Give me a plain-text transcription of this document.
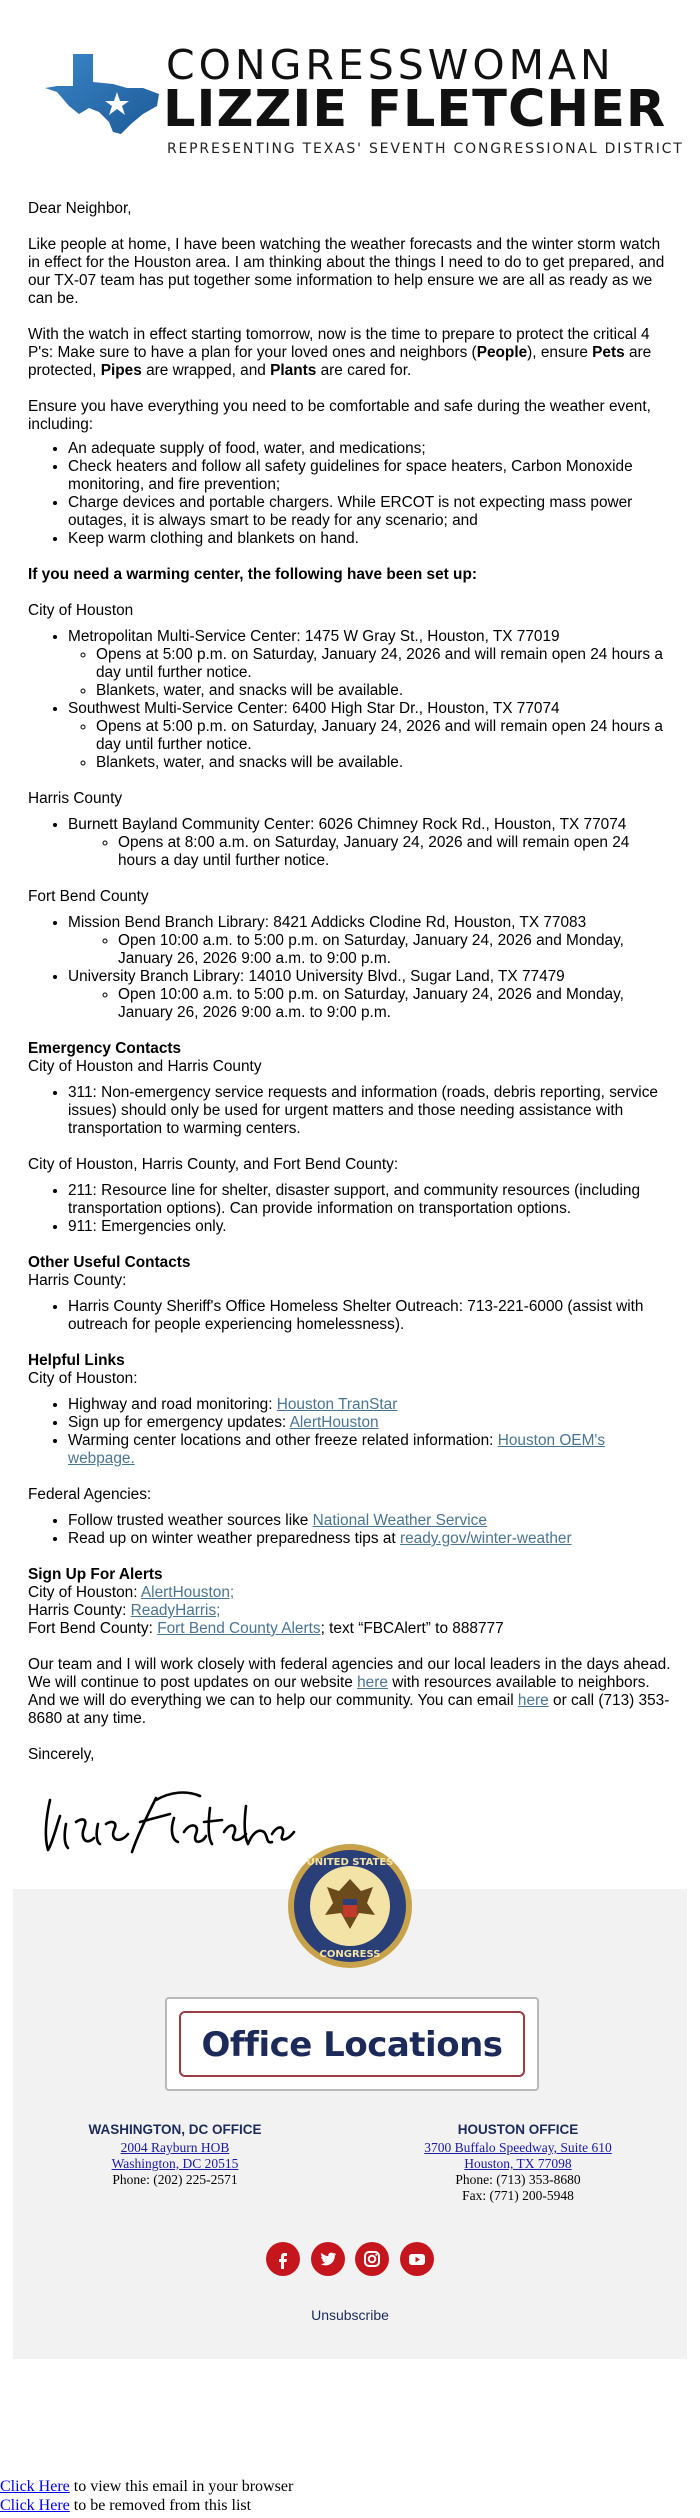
CONGRESSWOMAN
LIZZIE FLETCHER
REPRESENTING TEXAS' SEVENTH CONGRESSIONAL DISTRICT

Dear Neighbor,

Like people at home, I have been watching the weather forecasts and the winter storm watch in effect for the Houston area. I am thinking about the things I need to do to get prepared, and our TX-07 team has put together some information to help ensure we are all as ready as we can be.

With the watch in effect starting tomorrow, now is the time to prepare to protect the critical 4 P's: Make sure to have a plan for your loved ones and neighbors (People), ensure Pets are protected, Pipes are wrapped, and Plants are cared for.

Ensure you have everything you need to be comfortable and safe during the weather event, including:

• An adequate supply of food, water, and medications;
• Check heaters and follow all safety guidelines for space heaters, Carbon Monoxide monitoring, and fire prevention;
• Charge devices and portable chargers. While ERCOT is not expecting mass power outages, it is always smart to be ready for any scenario; and
• Keep warm clothing and blankets on hand.

If you need a warming center, the following have been set up:

City of Houston

• Metropolitan Multi-Service Center: 1475 W Gray St., Houston, TX 77019
◦ Opens at 5:00 p.m. on Saturday, January 24, 2026 and will remain open 24 hours a day until further notice.
◦ Blankets, water, and snacks will be available.
• Southwest Multi-Service Center: 6400 High Star Dr., Houston, TX 77074
◦ Opens at 5:00 p.m. on Saturday, January 24, 2026 and will remain open 24 hours a day until further notice.
◦ Blankets, water, and snacks will be available.

Harris County

• Burnett Bayland Community Center: 6026 Chimney Rock Rd., Houston, TX 77074
◦ Opens at 8:00 a.m. on Saturday, January 24, 2026 and will remain open 24 hours a day until further notice.

Fort Bend County

• Mission Bend Branch Library: 8421 Addicks Clodine Rd, Houston, TX 77083
◦ Open 10:00 a.m. to 5:00 p.m. on Saturday, January 24, 2026 and Monday, January 26, 2026 9:00 a.m. to 9:00 p.m.
• University Branch Library: 14010 University Blvd., Sugar Land, TX 77479
◦ Open 10:00 a.m. to 5:00 p.m. on Saturday, January 24, 2026 and Monday, January 26, 2026 9:00 a.m. to 9:00 p.m.
Emergency Contacts

City of Houston and Harris County

• 311: Non-emergency service requests and information (roads, debris reporting, service issues) should only be used for urgent matters and those needing assistance with transportation to warming centers.

City of Houston, Harris County, and Fort Bend County:

• 211: Resource line for shelter, disaster support, and community resources (including transportation options). Can provide information on transportation options.
• 911: Emergencies only.
Other Useful Contacts

Harris County:

• Harris County Sheriff's Office Homeless Shelter Outreach: 713-221-6000 (assist with outreach for people experiencing homelessness).
Helpful Links

City of Houston:

• Highway and road monitoring: Houston TranStar
• Sign up for emergency updates: AlertHouston
• Warming center locations and other freeze related information: Houston OEM's webpage.

Federal Agencies:

• Follow trusted weather sources like National Weather Service
• Read up on winter weather preparedness tips at ready.gov/winter-weather
Sign Up For Alerts
City of Houston: AlertHouston;
Harris County: ReadyHarris;

Fort Bend County: Fort Bend County Alerts; text “FBCAlert” to 888777

Our team and I will work closely with federal agencies and our local leaders in the days ahead. We will continue to post updates on our website here with resources available to neighbors. And we will do everything we can to help our community. You can email here or call (713) 353-8680 at any time.

Sincerely,

UNITED STATES
CONGRESS
Office Locations
WASHINGTON, DC OFFICE
2004 Rayburn HOB
Washington, DC 20515
Phone: (202) 225-2571
HOUSTON OFFICE
3700 Buffalo Speedway, Suite 610
Houston, TX 77098
Phone: (713) 353-8680
Fax: (771) 200-5948

Unsubscribe
Click Here to view this email in your browser
Click Here to be removed from this list
